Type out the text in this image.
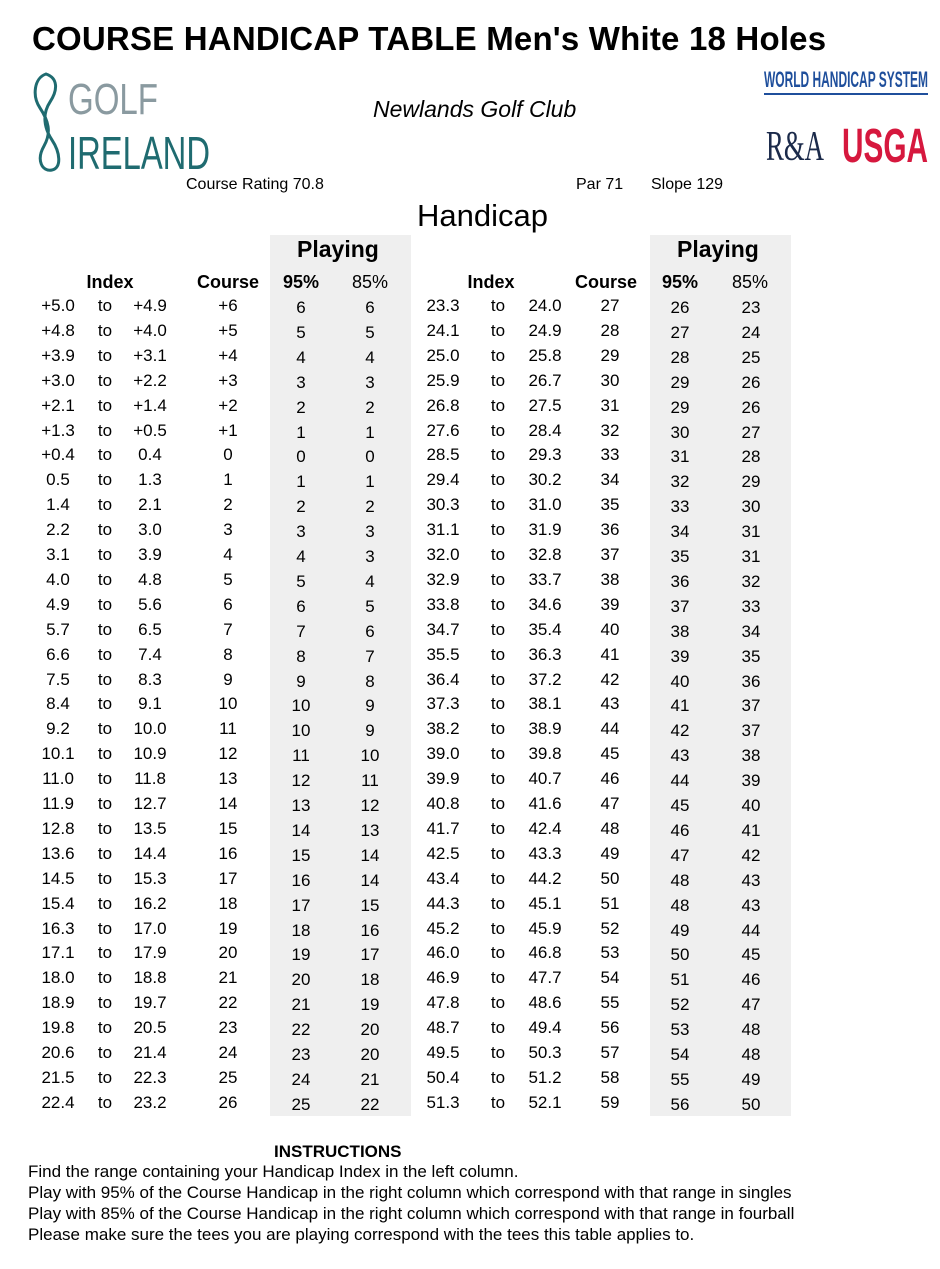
COURSE HANDICAP TABLE Men's White 18 Holes
GOLF
IRELAND
Newlands Golf Club
WORLD HANDICAP SYSTEM
R&A USGA
Course Rating 70.8	Par 71 Slope 129
Handicap
Playing
Index	Course	95%	85%
Playing
Index	Course	95%	85%
+5.0	to	+4.9	+6	6	6
+4.8	to	+4.0	+5	5	5
+3.9	to	+3.1	+4	4	4
+3.0	to	+2.2	+3	3	3
+2.1	to	+1.4	+2	2	2
+1.3	to	+0.5	+1	1	1
+0.4	to	0.4	0	0	0
0.5	to	1.3	1	1	1
1.4	to	2.1	2	2	2
2.2	to	3.0	3	3	3
3.1	to	3.9	4	4	3
4.0	to	4.8	5	5	4
4.9	to	5.6	6	6	5
5.7	to	6.5	7	7	6
6.6	to	7.4	8	8	7
7.5	to	8.3	9	9	8
8.4	to	9.1	10	10	9
9.2	to	10.0	11	10	9
10.1	to	10.9	12	11	10
11.0	to	11.8	13	12	11
11.9	to	12.7	14	13	12
12.8	to	13.5	15	14	13
13.6	to	14.4	16	15	14
14.5	to	15.3	17	16	14
15.4	to	16.2	18	17	15
16.3	to	17.0	19	18	16
17.1	to	17.9	20	19	17
18.0	to	18.8	21	20	18
18.9	to	19.7	22	21	19
19.8	to	20.5	23	22	20
20.6	to	21.4	24	23	20
21.5	to	22.3	25	24	21
22.4	to	23.2	26	25	22
23.3	to	24.0	27	26	23
24.1	to	24.9	28	27	24
25.0	to	25.8	29	28	25
25.9	to	26.7	30	29	26
26.8	to	27.5	31	29	26
27.6	to	28.4	32	30	27
28.5	to	29.3	33	31	28
29.4	to	30.2	34	32	29
30.3	to	31.0	35	33	30
31.1	to	31.9	36	34	31
32.0	to	32.8	37	35	31
32.9	to	33.7	38	36	32
33.8	to	34.6	39	37	33
34.7	to	35.4	40	38	34
35.5	to	36.3	41	39	35
36.4	to	37.2	42	40	36
37.3	to	38.1	43	41	37
38.2	to	38.9	44	42	37
39.0	to	39.8	45	43	38
39.9	to	40.7	46	44	39
40.8	to	41.6	47	45	40
41.7	to	42.4	48	46	41
42.5	to	43.3	49	47	42
43.4	to	44.2	50	48	43
44.3	to	45.1	51	48	43
45.2	to	45.9	52	49	44
46.0	to	46.8	53	50	45
46.9	to	47.7	54	51	46
47.8	to	48.6	55	52	47
48.7	to	49.4	56	53	48
49.5	to	50.3	57	54	48
50.4	to	51.2	58	55	49
51.3	to	52.1	59	56	50
INSTRUCTIONS
Find the range containing your Handicap Index in the left column.
Play with 95% of the Course Handicap in the right column which correspond with that range in singles
Play with 85% of the Course Handicap in the right column which correspond with that range in fourball
Please make sure the tees you are playing correspond with the tees this table applies to.
